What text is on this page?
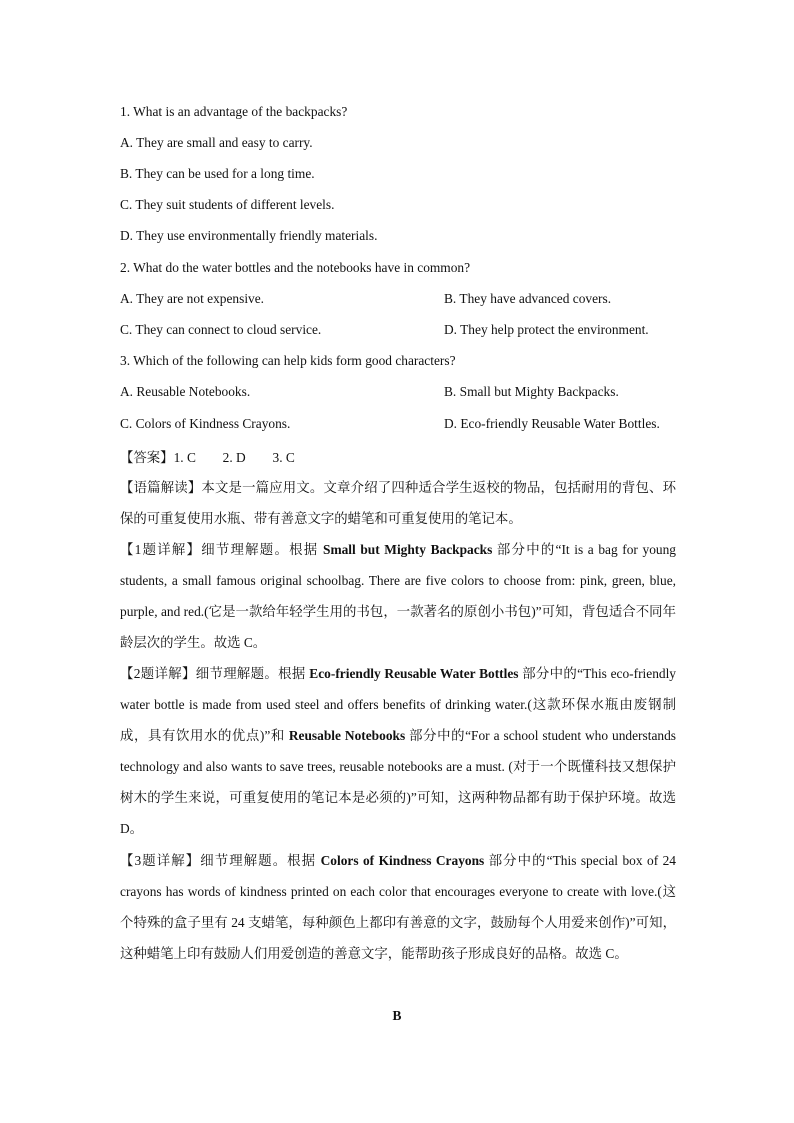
1. What is an advantage of the backpacks?
A. They are small and easy to carry.
B. They can be used for a long time.
C. They suit students of different levels.
D. They use environmentally friendly materials.
2. What do the water bottles and the notebooks have in common?
A. They are not expensive.	B. They have advanced covers.
C. They can connect to cloud service.	D. They help protect the environment.
3. Which of the following can help kids form good characters?
A. Reusable Notebooks.	B. Small but Mighty Backpacks.
C. Colors of Kindness Crayons.	D. Eco-friendly Reusable Water Bottles.
【答案】1. C        2. D        3. C
【语篇解读】本文是一篇应用文。文章介绍了四种适合学生返校的物品，包括耐用的背包、环保的可重复使用水瓶、带有善意文字的蜡笔和可重复使用的笔记本。
【1题详解】细节理解题。根据 Small but Mighty Backpacks 部分中的“It is a bag for young students, a small famous original schoolbag. There are five colors to choose from: pink, green, blue, purple, and red.(它是一款给年轻学生用的书包，一款著名的原创小书包)”可知，背包适合不同年龄层次的学生。故选 C。
【2题详解】细节理解题。根据 Eco-friendly Reusable Water Bottles 部分中的“This eco-friendly water bottle is made from used steel and offers benefits of drinking water.(这款环保水瓶由废钢制成，具有饮用水的优点)”和 Reusable Notebooks 部分中的“For a school student who understands technology and also wants to save trees, reusable notebooks are a must. (对于一个既懂科技又想保护树木的学生来说，可重复使用的笔记本是必须的)”可知，这两种物品都有助于保护环境。故选 D。
【3题详解】细节理解题。根据 Colors of Kindness Crayons 部分中的“This special box of 24 crayons has words of kindness printed on each color that encourages everyone to create with love.(这个特殊的盒子里有 24 支蜡笔，每种颜色上都印有善意的文字，鼓励每个人用爱来创作)”可知，这种蜡笔上印有鼓励人们用爱创造的善意文字，能帮助孩子形成良好的品格。故选 C。
B
